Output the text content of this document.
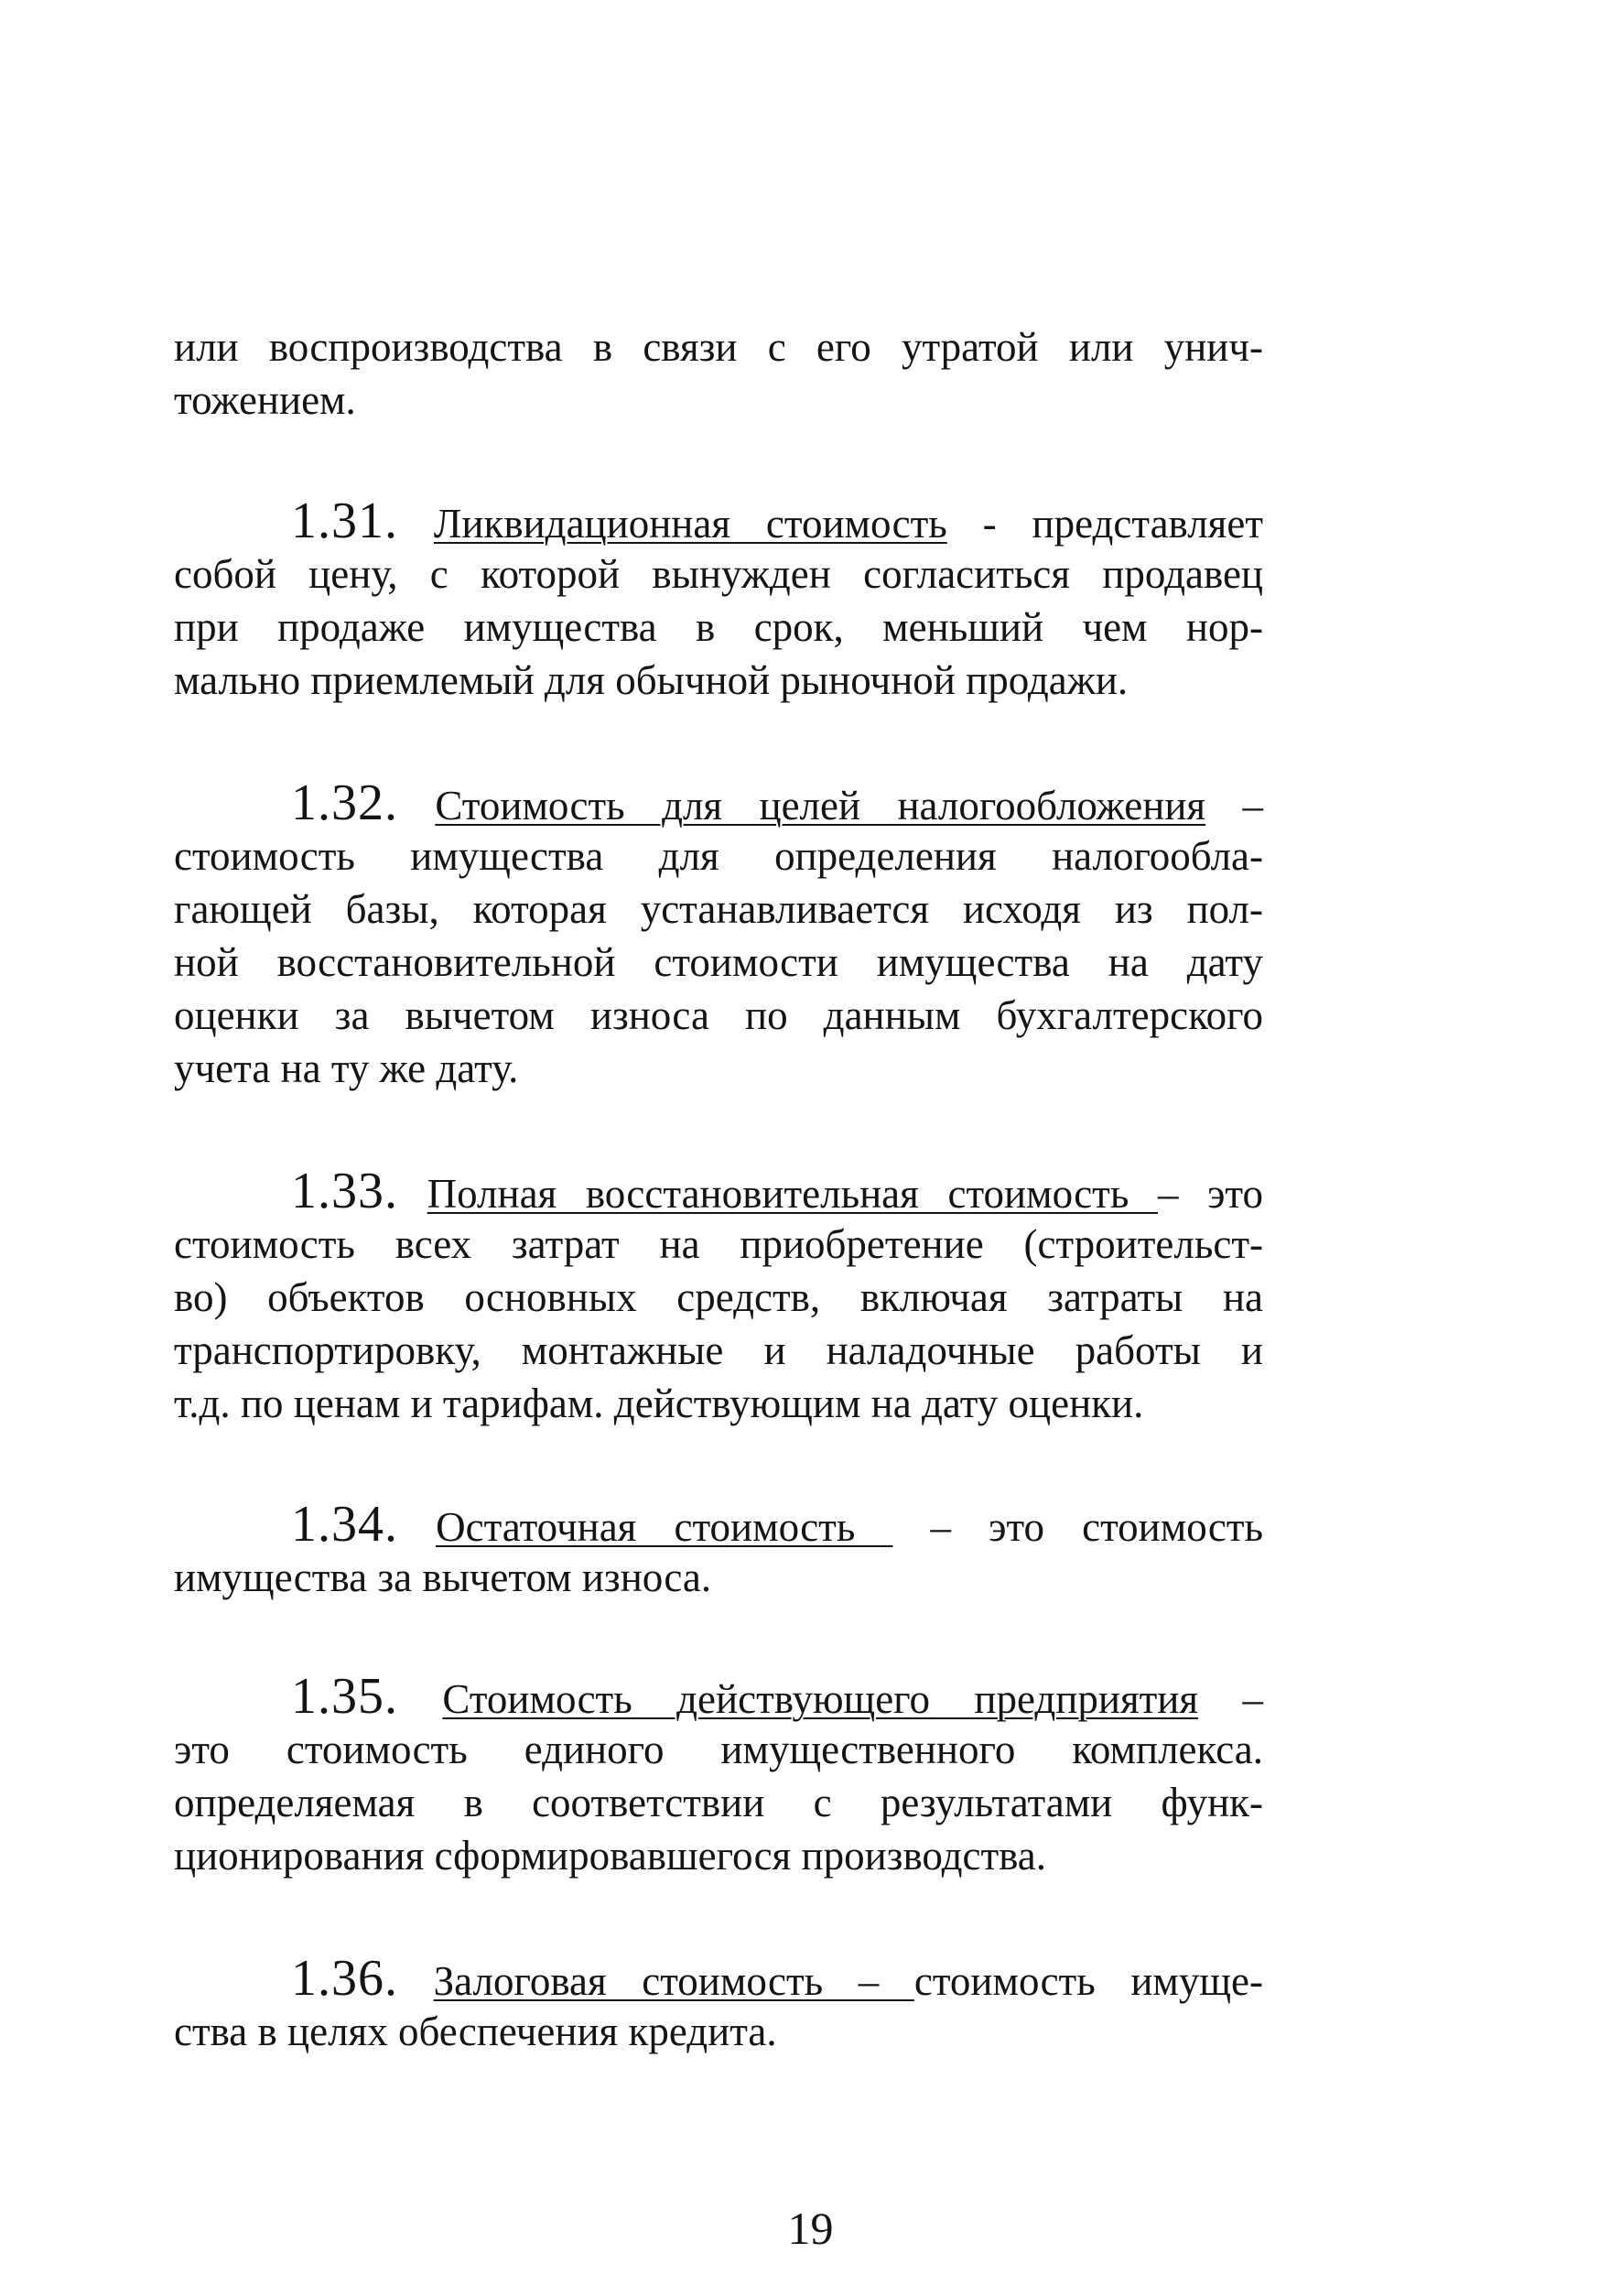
или воспроизводства в связи с его утратой или унич-
тожением.
1.31. Ликвидационная стоимость - представляет
собой цену, с которой вынужден согласиться продавец
при продаже имущества в срок, меньший чем нор-
мально приемлемый для обычной рыночной продажи.
1.32. Стоимость для целей налогообложения –
стоимость имущества для определения налогообла-
гающей базы, которая устанавливается исходя из пол-
ной восстановительной стоимости имущества на дату
оценки за вычетом износа по данным бухгалтерского
учета на ту же дату.
1.33. Полная восстановительная стоимость – это
стоимость всех затрат на приобретение (строительст-
во) объектов основных средств, включая затраты на
транспортировку, монтажные и наладочные работы и
т.д. по ценам и тарифам. действующим на дату оценки.
1.34. Остаточная стоимость  – это стоимость
имущества за вычетом износа.
1.35. Стоимость действующего предприятия –
это стоимость единого имущественного комплекса.
определяемая в соответствии с результатами функ-
ционирования сформировавшегося производства.
1.36. Залоговая стоимость – стоимость имуще-
ства в целях обеспечения кредита.
19
